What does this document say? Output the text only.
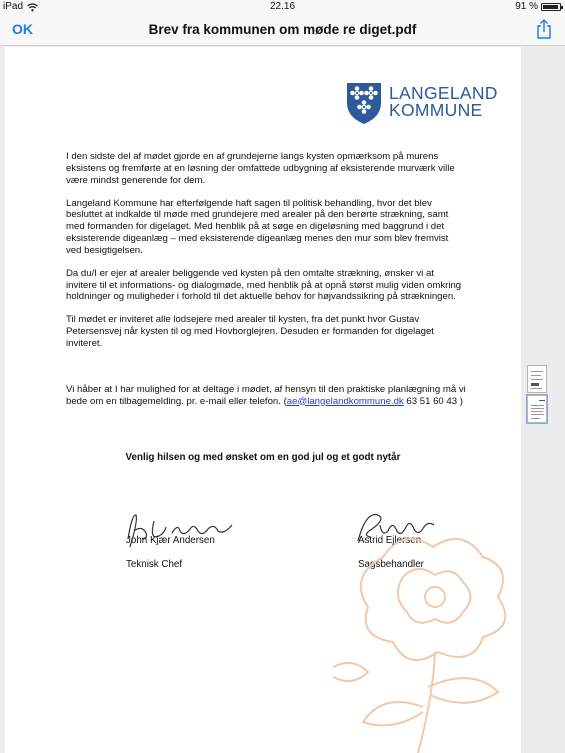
iPad	22.16	91 %
OK	Brev fra kommunen om møde re diget.pdf
LANGELAND
KOMMUNE

I den sidste del af mødet gjorde en af grundejerne langs kysten opmærksom på murens eksistens og fremførte at en løsning der omfattede udbygning af eksisterende murværk ville være mindst generende for dem.

Langeland Kommune har efterfølgende haft sagen til politisk behandling, hvor det blev besluttet at indkalde til møde med grundejere med arealer på den berørte strækning, samt med formanden for digelaget. Med henblik på at søge en digeløsning med baggrund i det eksisterende digeanlæg – med eksisterende digeanlæg menes den mur som blev fremvist ved besigtigelsen.

Da du/I er ejer af arealer beliggende ved kysten på den omtalte strækning, ønsker vi at invitere til et informations- og dialogmøde, med henblik på at opnå størst mulig viden omkring holdninger og muligheder i forhold til det aktuelle behov for højvandssikring på strækningen.

Til mødet er inviteret alle lodsejere med arealer til kysten, fra det punkt hvor Gustav Petersensvej når kysten til og med Hovborglejren. Desuden er formanden for digelaget inviteret.

Vi håber at I har mulighed for at deltage i mødet, af hensyn til den praktiske planlægning må vi bede om en tilbagemelding. pr. e-mail eller telefon. (ae@langelandkommune.dk 63 51 60 43 )

Venlig hilsen og med ønsket om en god jul og et godt nytår
John Kjær Andersen
Teknisk Chef
Astrid Ejlersen
Sagsbehandler
